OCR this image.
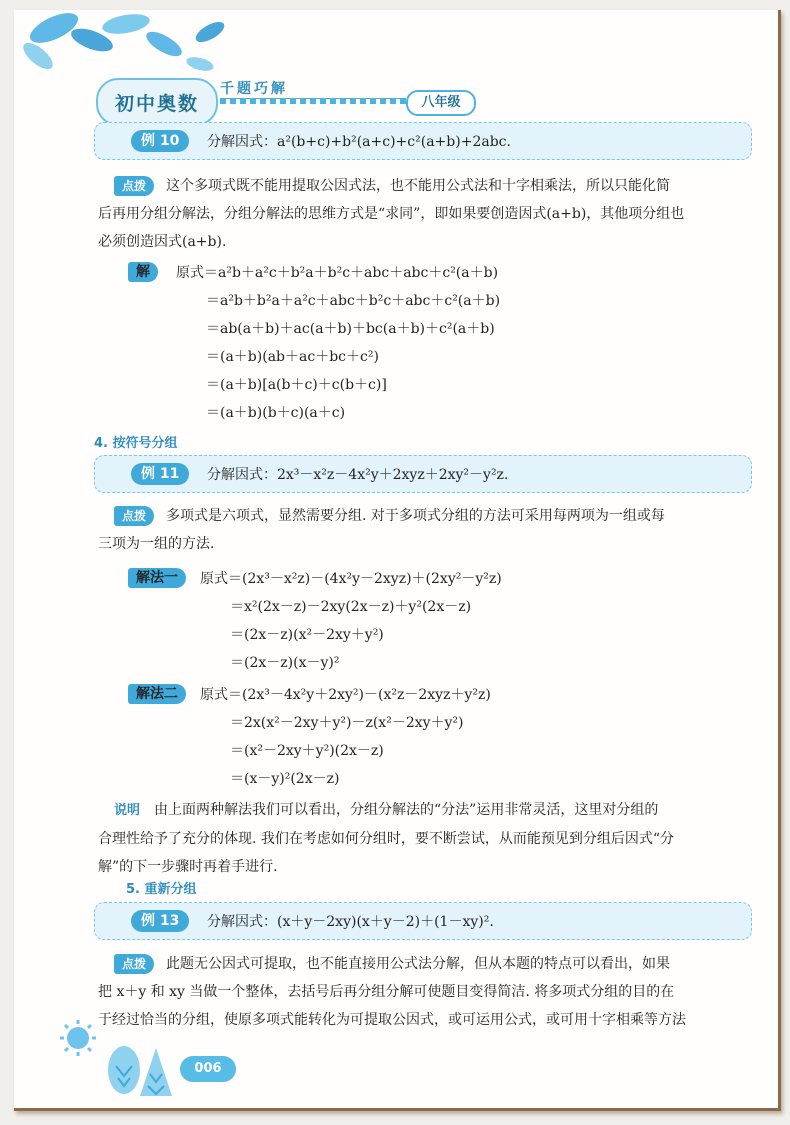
初中奥数
千题巧解
八年级
例 10	分解因式：a²(b+c)+b²(a+c)+c²(a+b)+2abc.
点拨 这个多项式既不能用提取公因式法，也不能用公式法和十字相乘法，所以只能化简
后再用分组分解法，分组分解法的思维方式是“求同”，即如果要创造因式(a+b)，其他项分组也
必须创造因式(a+b).
解	原式＝a²b＋a²c＋b²a＋b²c＋abc＋abc＋c²(a＋b)
＝a²b＋b²a＋a²c＋abc＋b²c＋abc＋c²(a＋b)
＝ab(a＋b)＋ac(a＋b)＋bc(a＋b)＋c²(a＋b)
＝(a＋b)(ab＋ac＋bc＋c²)
＝(a＋b)[a(b＋c)＋c(b＋c)]
＝(a＋b)(b＋c)(a＋c)
4. 按符号分组
例 11	分解因式：2x³－x²z－4x²y＋2xyz＋2xy²－y²z.
点拨 多项式是六项式，显然需要分组. 对于多项式分组的方法可采用每两项为一组或每
三项为一组的方法.
解法一	原式＝(2x³－x²z)－(4x²y－2xyz)＋(2xy²－y²z)
＝x²(2x－z)－2xy(2x－z)＋y²(2x－z)
＝(2x－z)(x²－2xy＋y²)
＝(2x－z)(x－y)²
解法二	原式＝(2x³－4x²y＋2xy²)－(x²z－2xyz＋y²z)
＝2x(x²－2xy＋y²)－z(x²－2xy＋y²)
＝(x²－2xy＋y²)(2x－z)
＝(x－y)²(2x－z)
说明 由上面两种解法我们可以看出，分组分解法的“分法”运用非常灵活，这里对分组的
合理性给予了充分的体现. 我们在考虑如何分组时，要不断尝试，从而能预见到分组后因式“分
解”的下一步骤时再着手进行.
5. 重新分组
例 13	分解因式：(x＋y－2xy)(x＋y－2)＋(1－xy)².
点拨 此题无公因式可提取，也不能直接用公式法分解，但从本题的特点可以看出，如果
把 x＋y 和 xy 当做一个整体，去括号后再分组分解可使题目变得简洁. 将多项式分组的目的在
于经过恰当的分组，使原多项式能转化为可提取公因式，或可运用公式，或可用十字相乘等方法
006
